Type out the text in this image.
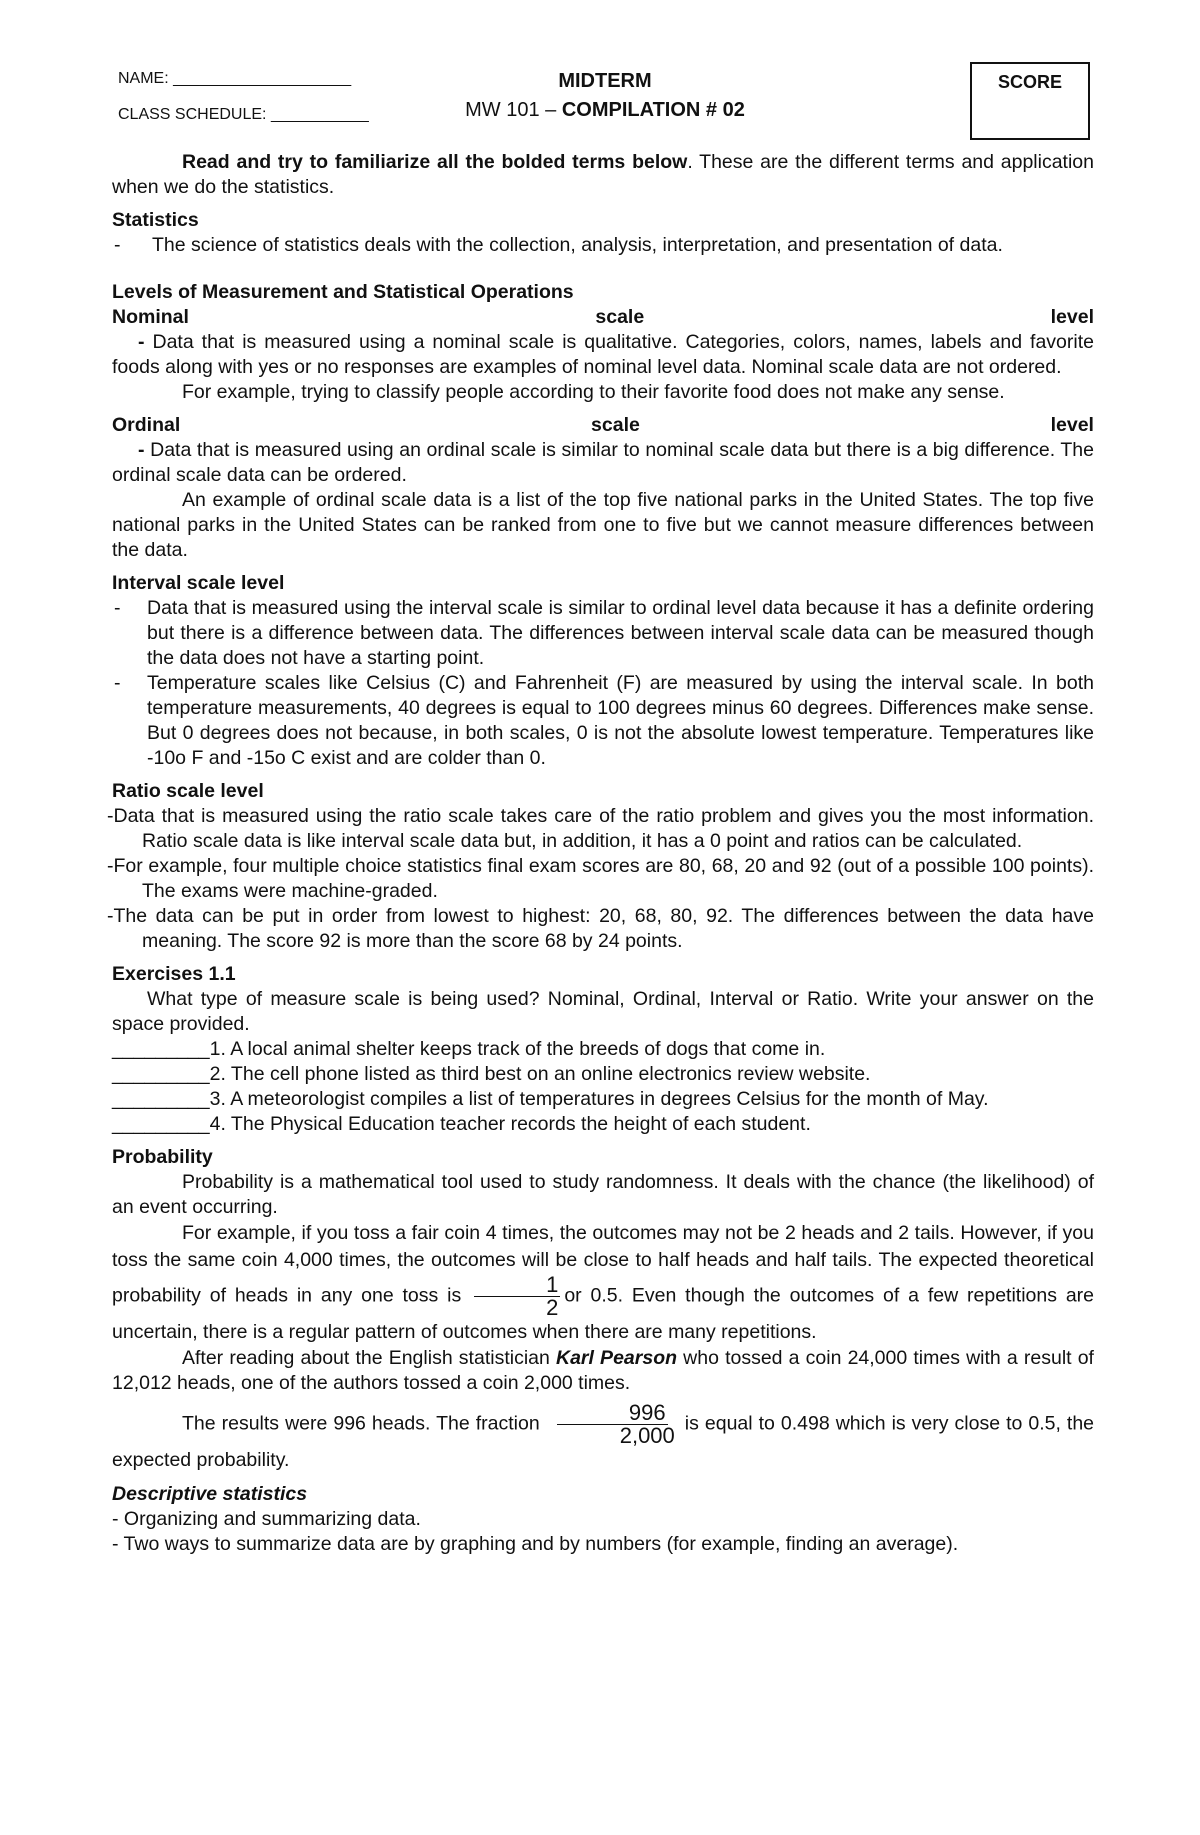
NAME: ____________________
CLASS SCHEDULE: ___________
MIDTERM
MW 101 – COMPILATION # 02
SCORE

Read and try to familiarize all the bolded terms below. These are the different terms and application when we do the statistics.

Statistics

- The science of statistics deals with the collection, analysis, interpretation, and presentation of data.

Levels of Measurement and Statistical Operations

Nominal	scale	level

- Data that is measured using a nominal scale is qualitative. Categories, colors, names, labels and favorite foods along with yes or no responses are examples of nominal level data. Nominal scale data are not ordered.

For example, trying to classify people according to their favorite food does not make any sense.

Ordinal	scale	level

- Data that is measured using an ordinal scale is similar to nominal scale data but there is a big difference. The ordinal scale data can be ordered.

An example of ordinal scale data is a list of the top five national parks in the United States. The top five national parks in the United States can be ranked from one to five but we cannot measure differences between the data.

Interval scale level

- Data that is measured using the interval scale is similar to ordinal level data because it has a definite ordering but there is a difference between data. The differences between interval scale data can be measured though the data does not have a starting point.

- Temperature scales like Celsius (C) and Fahrenheit (F) are measured by using the interval scale. In both temperature measurements, 40 degrees is equal to 100 degrees minus 60 degrees. Differences make sense. But 0 degrees does not because, in both scales, 0 is not the absolute lowest temperature. Temperatures like -10o F and -15o C exist and are colder than 0.

Ratio scale level

-Data that is measured using the ratio scale takes care of the ratio problem and gives you the most information. Ratio scale data is like interval scale data but, in addition, it has a 0 point and ratios can be calculated.

-For example, four multiple choice statistics final exam scores are 80, 68, 20 and 92 (out of a possible 100 points). The exams were machine-graded.

-The data can be put in order from lowest to highest: 20, 68, 80, 92. The differences between the data have meaning. The score 92 is more than the score 68 by 24 points.

Exercises 1.1

What type of measure scale is being used? Nominal, Ordinal, Interval or Ratio. Write your answer on the space provided.

_________1. A local animal shelter keeps track of the breeds of dogs that come in.

_________2. The cell phone listed as third best on an online electronics review website.

_________3. A meteorologist compiles a list of temperatures in degrees Celsius for the month of May.

_________4. The Physical Education teacher records the height of each student.

Probability

Probability is a mathematical tool used to study randomness. It deals with the chance (the likelihood) of an event occurring.

For example, if you toss a fair coin 4 times, the outcomes may not be 2 heads and 2 tails. However, if you toss the same coin 4,000 times, the outcomes will be close to half heads and half tails. The expected theoretical probability of heads in any one toss is $\frac{1}{2}$ or 0.5. Even though the outcomes of a few repetitions are uncertain, there is a regular pattern of outcomes when there are many repetitions.

After reading about the English statistician Karl Pearson who tossed a coin 24,000 times with a result of 12,012 heads, one of the authors tossed a coin 2,000 times.

The results were 996 heads. The fraction $\frac{996}{2,000}$ is equal to 0.498 which is very close to 0.5, the expected probability.

Descriptive statistics

- Organizing and summarizing data.

- Two ways to summarize data are by graphing and by numbers (for example, finding an average).
